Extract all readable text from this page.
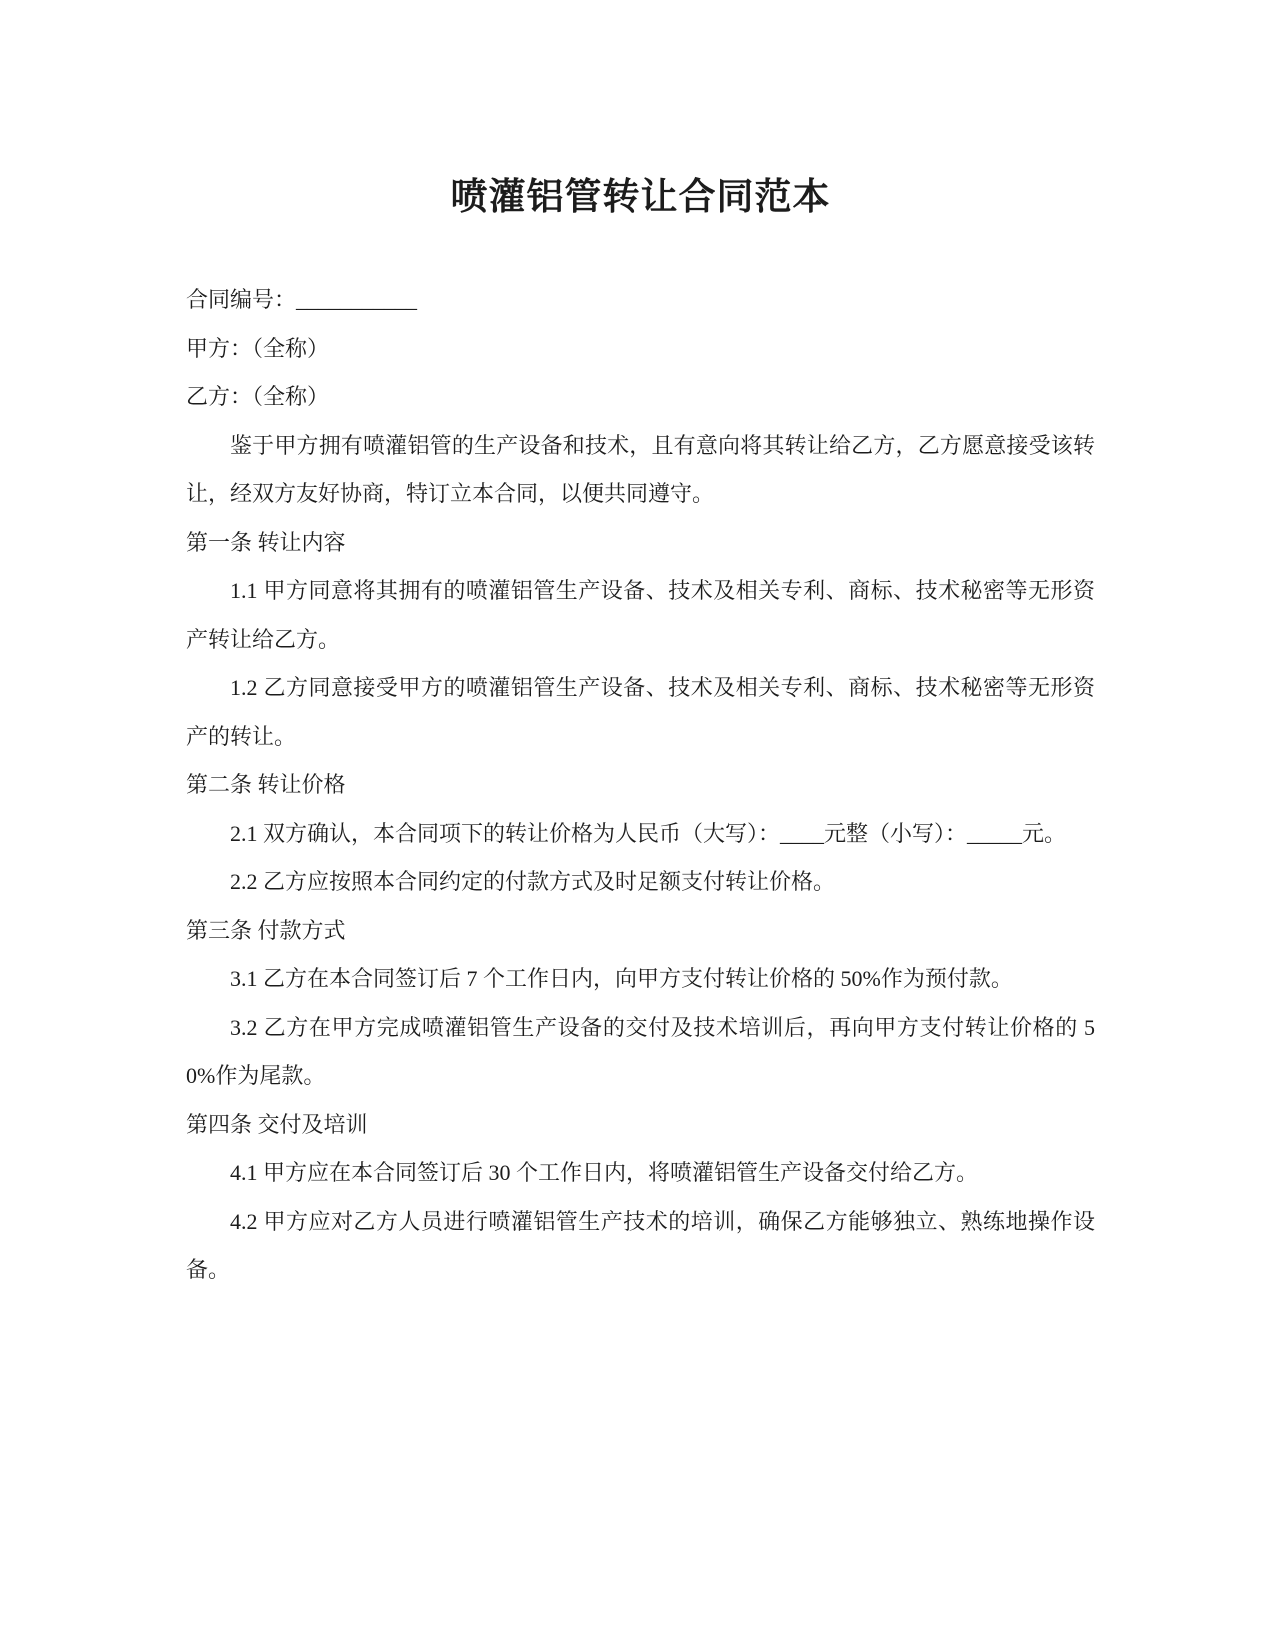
喷灌铝管转让合同范本

合同编号：___________

甲方：（全称）

乙方：（全称）

鉴于甲方拥有喷灌铝管的生产设备和技术，且有意向将其转让给乙方，乙方愿意接受该转让，经双方友好协商，特订立本合同，以便共同遵守。

第一条 转让内容

1.1 甲方同意将其拥有的喷灌铝管生产设备、技术及相关专利、商标、技术秘密等无形资产转让给乙方。

1.2 乙方同意接受甲方的喷灌铝管生产设备、技术及相关专利、商标、技术秘密等无形资产的转让。

第二条 转让价格

2.1 双方确认，本合同项下的转让价格为人民币（大写）：____元整（小写）：_____元。

2.2 乙方应按照本合同约定的付款方式及时足额支付转让价格。

第三条 付款方式

3.1 乙方在本合同签订后 7 个工作日内，向甲方支付转让价格的 50%作为预付款。

3.2 乙方在甲方完成喷灌铝管生产设备的交付及技术培训后，再向甲方支付转让价格的 50%作为尾款。

第四条 交付及培训

4.1 甲方应在本合同签订后 30 个工作日内，将喷灌铝管生产设备交付给乙方。

4.2 甲方应对乙方人员进行喷灌铝管生产技术的培训，确保乙方能够独立、熟练地操作设备。
